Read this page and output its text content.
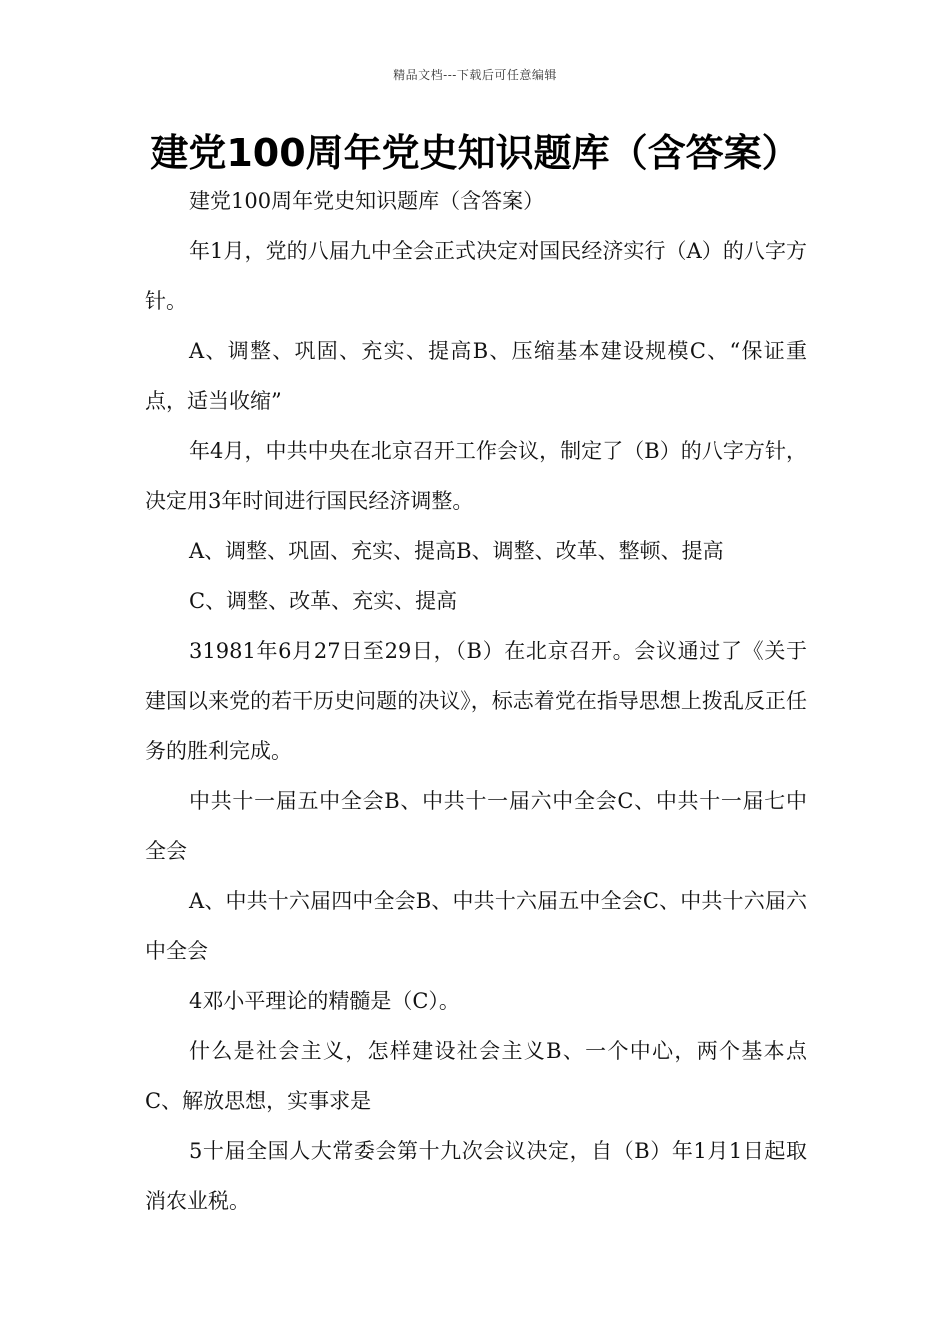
精品文档---下载后可任意编辑
建党100周年党史知识题库（含答案）

建党100周年党史知识题库（含答案）

年1月，党的八届九中全会正式决定对国民经济实行（A）的八字方针。

A、调整、巩固、充实、提高B、压缩基本建设规模C、“保证重点，适当收缩”

年4月，中共中央在北京召开工作会议，制定了（B）的八字方针，决定用3年时间进行国民经济调整。

A、调整、巩固、充实、提高B、调整、改革、整顿、提高

C、调整、改革、充实、提高

31981年6月27日至29日，（B）在北京召开。会议通过了《关于建国以来党的若干历史问题的决议》，标志着党在指导思想上拨乱反正任务的胜利完成。

中共十一届五中全会B、中共十一届六中全会C、中共十一届七中全会

A、中共十六届四中全会B、中共十六届五中全会C、中共十六届六中全会

4邓小平理论的精髓是（C）。

什么是社会主义，怎样建设社会主义B、一个中心，两个基本点C、解放思想，实事求是

5十届全国人大常委会第十九次会议决定，自（B）年1月1日起取消农业税。
